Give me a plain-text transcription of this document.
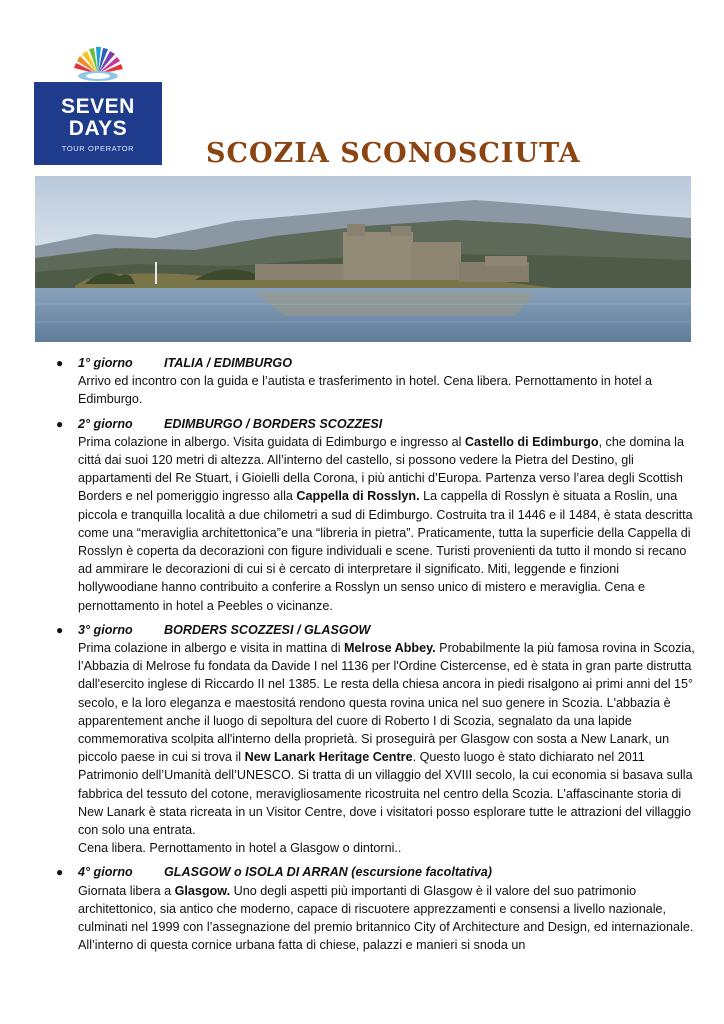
SEVEN
DAYS
TOUR OPERATOR	SCOZIA SCONOSCIUTA
● 1° giorno ITALIA / EDIMBURGO

Arrivo ed incontro con la guida e l’autista e trasferimento in hotel. Cena libera. Pernottamento in hotel a Edimburgo.

● 2° giorno EDIMBURGO / BORDERS SCOZZESI

Prima colazione in albergo. Visita guidata di Edimburgo e ingresso al Castello di Edimburgo, che domina la cittá dai suoi 120 metri di altezza. All’interno del castello, si possono vedere la Pietra del Destino, gli appartamenti del Re Stuart, i Gioielli della Corona, i più antichi d’Europa. Partenza verso l’area degli Scottish Borders e nel pomeriggio ingresso alla Cappella di Rosslyn. La cappella di Rosslyn è situata a Roslin, una piccola e tranquilla località a due chilometri a sud di Edimburgo. Costruita tra il 1446 e il 1484, è stata descritta come una “meraviglia architettonica”e una “libreria in pietra”. Praticamente, tutta la superficie della Cappella di Rosslyn è coperta da decorazioni con figure individuali e scene. Turisti provenienti da tutto il mondo si recano ad ammirare le decorazioni di cui si è cercato di interpretare il significato. Miti, leggende e finzioni hollywoodiane hanno contribuito a conferire a Rosslyn un senso unico di mistero e meraviglia. Cena e pernottamento in hotel a Peebles o vicinanze.

● 3° giorno BORDERS SCOZZESI / GLASGOW

Prima colazione in albergo e visita in mattina di Melrose Abbey. Probabilmente la più famosa rovina in Scozia, l’Abbazia di Melrose fu fondata da Davide I nel 1136 per l'Ordine Cistercense, ed è stata in gran parte distrutta dall'esercito inglese di Riccardo II nel 1385. Le resta della chiesa ancora in piedi risalgono ai primi anni del 15° secolo, e la loro eleganza e maestositá rendono questa rovina unica nel suo genere in Scozia. L'abbazia è apparentement anche il luogo di sepoltura del cuore di Roberto I di Scozia, segnalato da una lapide commemorativa scolpita all'interno della proprietà. Si proseguirà per Glasgow con sosta a New Lanark, un piccolo paese in cui si trova il New Lanark Heritage Centre. Questo luogo è stato dichiarato nel 2011 Patrimonio dell’Umanità dell’UNESCO. Si tratta di un villaggio del XVIII secolo, la cui economia si basava sulla fabbrica del tessuto del cotone, meravigliosamente ricostruita nel centro della Scozia. L’affascinante storia di New Lanark è stata ricreata in un Visitor Centre, dove i visitatori posso esplorare tutte le attrazioni del villaggio con solo una entrata.

Cena libera. Pernottamento in hotel a Glasgow o dintorni..

● 4° giorno GLASGOW o ISOLA DI ARRAN (escursione facoltativa)

Giornata libera a Glasgow. Uno degli aspetti più importanti di Glasgow è il valore del suo patrimonio architettonico, sia antico che moderno, capace di riscuotere apprezzamenti e consensi a livello nazionale, culminati nel 1999 con l’assegnazione del premio britannico City of Architecture and Design, ed internazionale. All’interno di questa cornice urbana fatta di chiese, palazzi e manieri si snoda un
